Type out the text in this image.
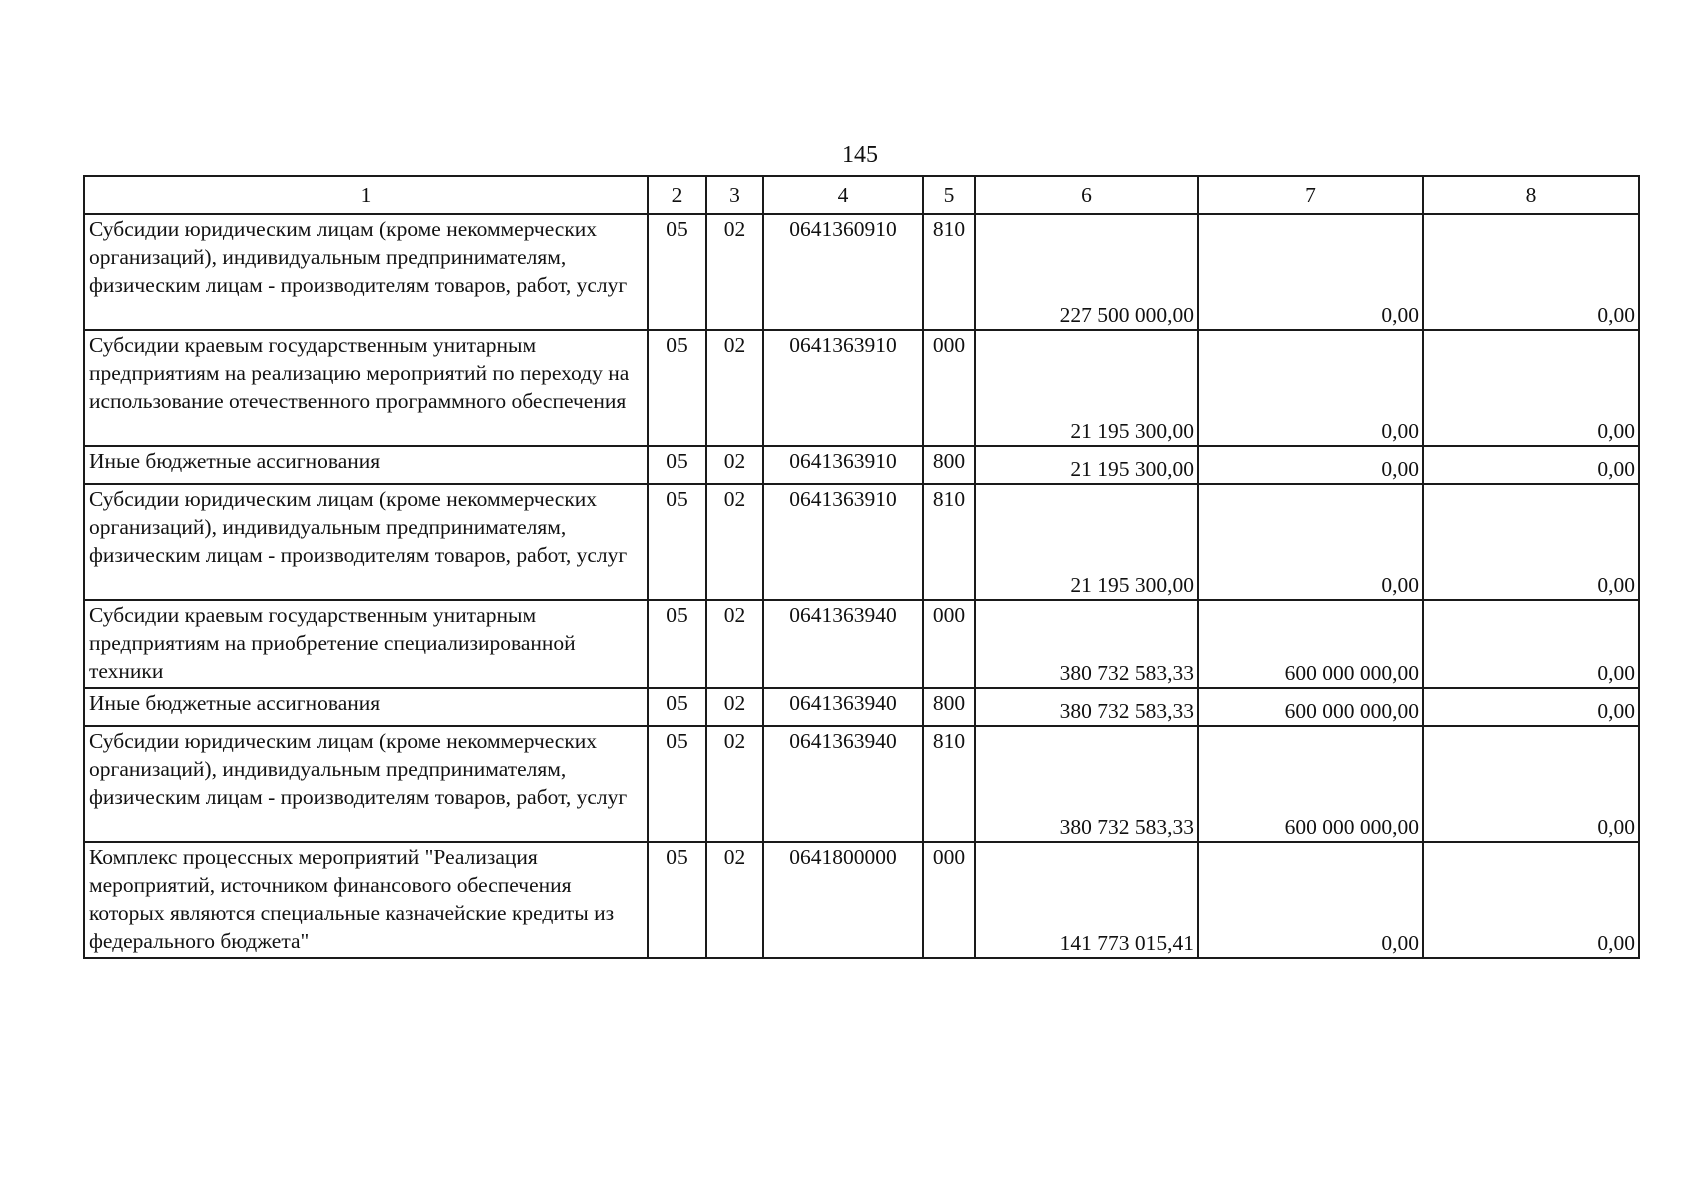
145
1	2	3	4	5	6	7	8
Субсидии юридическим лицам (кроме некоммерческих организаций), индивидуальным предпринимателям, физическим лицам - производителям товаров, работ, услуг	05	02	0641360910	810	227 500 000,00	0,00	0,00
Субсидии краевым государственным унитарным предприятиям на реализацию мероприятий по переходу на использование отечественного программного обеспечения	05	02	0641363910	000	21 195 300,00	0,00	0,00
Иные бюджетные ассигнования	05	02	0641363910	800	21 195 300,00	0,00	0,00
Субсидии юридическим лицам (кроме некоммерческих организаций), индивидуальным предпринимателям, физическим лицам - производителям товаров, работ, услуг	05	02	0641363910	810	21 195 300,00	0,00	0,00
Субсидии краевым государственным унитарным предприятиям на приобретение специализированной техники	05	02	0641363940	000	380 732 583,33	600 000 000,00	0,00
Иные бюджетные ассигнования	05	02	0641363940	800	380 732 583,33	600 000 000,00	0,00
Субсидии юридическим лицам (кроме некоммерческих организаций), индивидуальным предпринимателям, физическим лицам - производителям товаров, работ, услуг	05	02	0641363940	810	380 732 583,33	600 000 000,00	0,00
Комплекс процессных мероприятий "Реализация мероприятий, источником финансового обеспечения которых являются специальные казначейские кредиты из федерального бюджета"	05	02	0641800000	000	141 773 015,41	0,00	0,00
